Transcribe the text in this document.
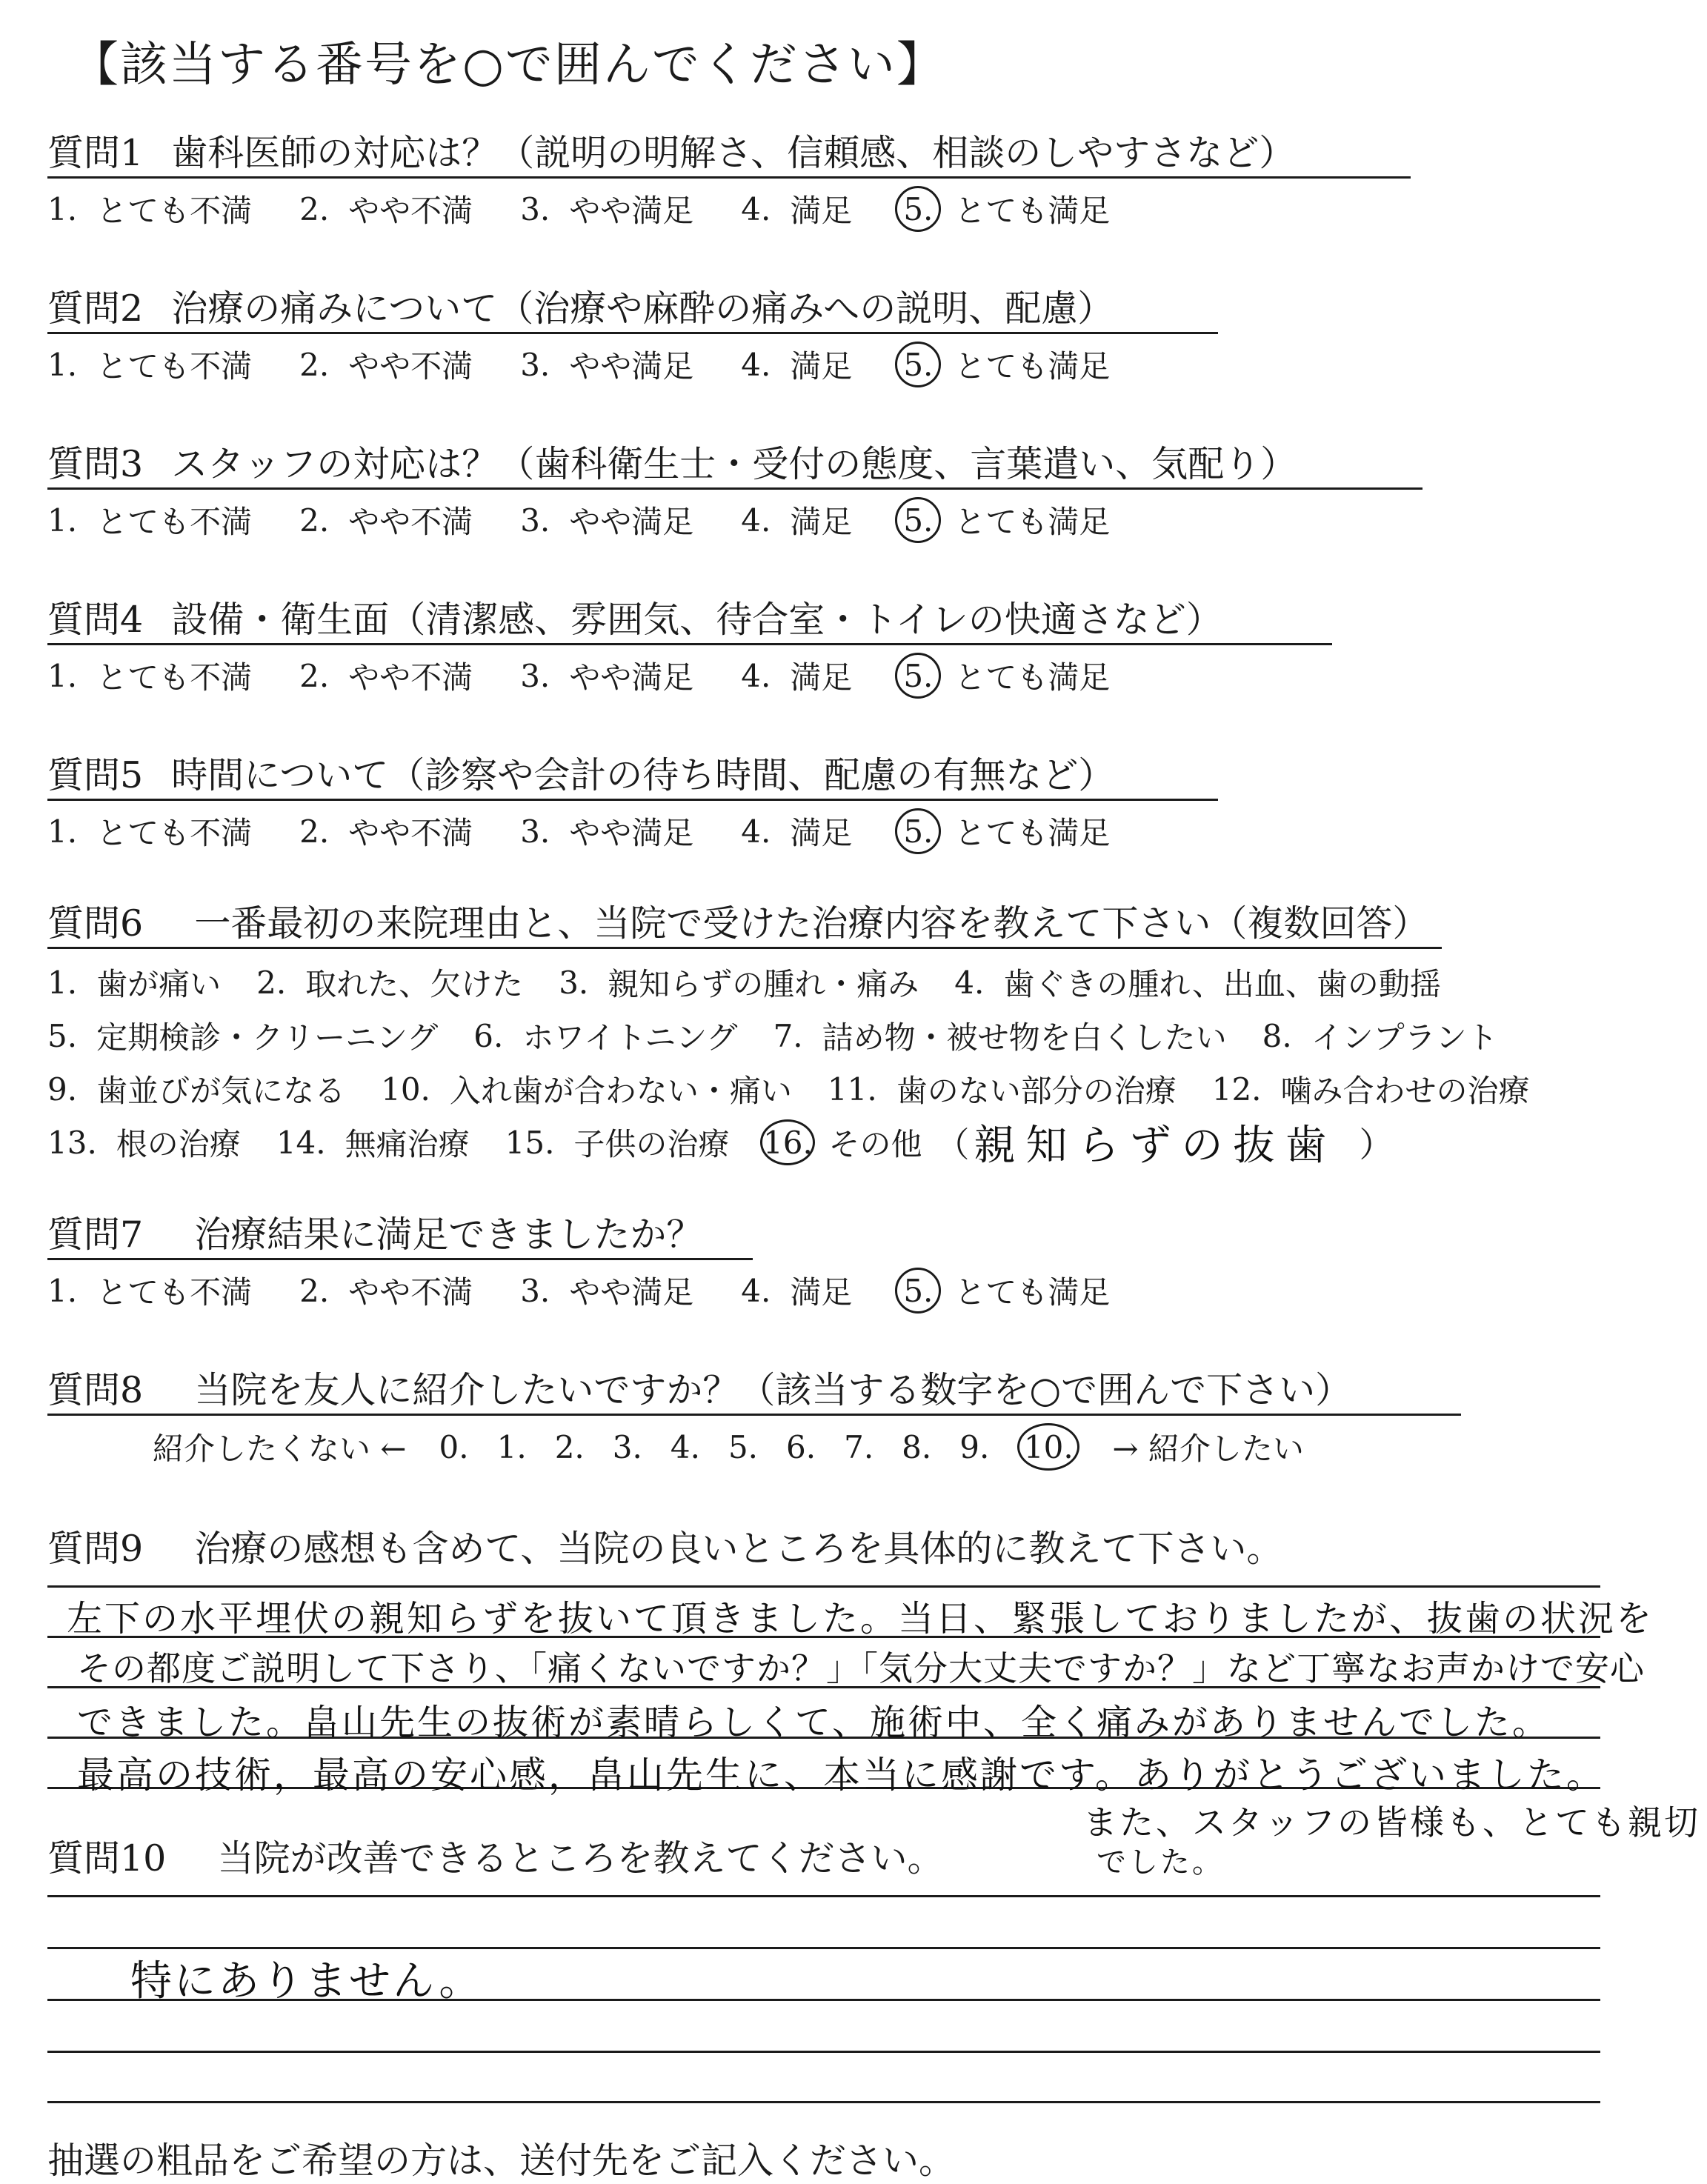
【該当する番号を○で囲んでください】
質問1 歯科医師の対応は？（説明の明解さ、信頼感、相談のしやすさなど）
1. とても不満 2. やや不満 3. やや満足 4. 満足 5. とても満足
質問2 治療の痛みについて（治療や麻酔の痛みへの説明、配慮）
1. とても不満 2. やや不満 3. やや満足 4. 満足 5. とても満足
質問3 スタッフの対応は？（歯科衛生士・受付の態度、言葉遣い、気配り）
1. とても不満 2. やや不満 3. やや満足 4. 満足 5. とても満足
質問4 設備・衛生面（清潔感、雰囲気、待合室・トイレの快適さなど）
1. とても不満 2. やや不満 3. やや満足 4. 満足 5. とても満足
質問5 時間について（診察や会計の待ち時間、配慮の有無など）
1. とても不満 2. やや不満 3. やや満足 4. 満足 5. とても満足
質問6 一番最初の来院理由と、当院で受けた治療内容を教えて下さい（複数回答）
1. 歯が痛い 2. 取れた、欠けた 3. 親知らずの腫れ・痛み 4. 歯ぐきの腫れ、出血、歯の動揺
5. 定期検診・クリーニング 6. ホワイトニング 7. 詰め物・被せ物を白くしたい 8. インプラント
9. 歯並びが気になる 10. 入れ歯が合わない・痛い 11. 歯のない部分の治療 12. 噛み合わせの治療
13. 根の治療 14. 無痛治療 15. 子供の治療 16. その他 （ 親知らずの抜歯 ）
質問7 治療結果に満足できましたか？
1. とても不満 2. やや不満 3. やや満足 4. 満足 5. とても満足
質問8 当院を友人に紹介したいですか？（該当する数字を○で囲んで下さい）
紹介したくない ← 0. 1. 2. 3. 4. 5. 6. 7. 8. 9. 10. → 紹介したい
質問9 治療の感想も含めて、当院の良いところを具体的に教えて下さい。
左下の水平埋伏の親知らずを抜いて頂きました。当日、緊張しておりましたが、抜歯の状況を
その都度ご説明して下さり、「痛くないですか？」「気分大丈夫ですか？」など丁寧なお声かけで安心
できました。畠山先生の抜術が素晴らしくて、施術中、全く痛みがありませんでした。
最高の技術，最高の安心感，畠山先生に、本当に感謝です。ありがとうございました。
また、スタッフの皆様も、とても親切
でした。
質問10 当院が改善できるところを教えてください。
特にありません。
抽選の粗品をご希望の方は、送付先をご記入ください。
